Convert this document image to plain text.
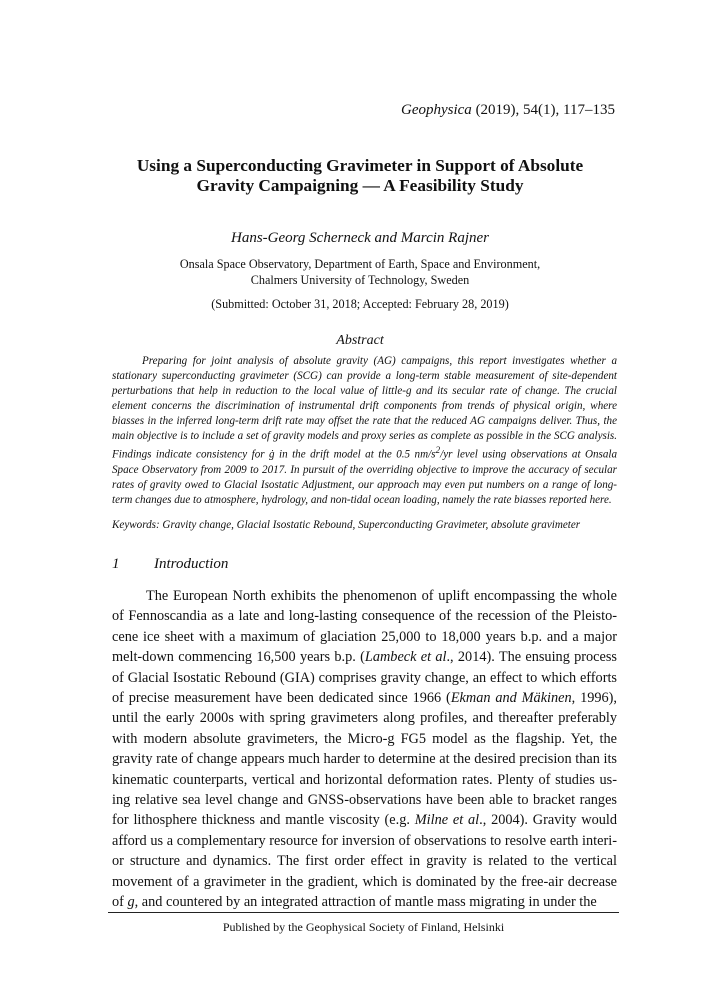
Geophysica (2019), 54(1), 117–135
Using a Superconducting Gravimeter in Support of Absolute
Gravity Campaigning — A Feasibility Study
Hans-Georg Scherneck and Marcin Rajner
Onsala Space Observatory, Department of Earth, Space and Environment,
Chalmers University of Technology, Sweden
(Submitted: October 31, 2018; Accepted: February 28, 2019)
Abstract
Preparing for joint analysis of absolute gravity (AG) campaigns, this report investigates whether a stationary superconducting gravimeter (SCG) can provide a long-term stable measurement of site-dependent perturbations that help in reduction to the local value of little-g and its secular rate of change. The crucial element concerns the discrimination of instrumental drift components from trends of physical origin, where biasses in the inferred long-term drift rate may offset the rate that the reduced AG campaigns deliver. Thus, the main objective is to include a set of gravity models and proxy series as complete as possible in the SCG analysis. Findings indicate consistency for ġ in the drift model at the 0.5 $nm/s^2/yr$ level using observations at Onsala Space Observatory from 2009 to 2017. In pursuit of the overriding objective to improve the accuracy of secular rates of gravity owed to Glacial Isostatic Adjustment, our approach may even put numbers on a range of long-term changes due to atmosphere, hydrology, and non-tidal ocean loading, namely the rate biasses reported here.
Keywords: Gravity change, Glacial Isostatic Rebound, Superconducting Gravimeter, absolute gravimeter
1 Introduction
The European North exhibits the phenomenon of uplift encompassing the whole of Fennoscandia as a late and long-lasting consequence of the recession of the Pleisto-cene ice sheet with a maximum of glaciation 25,000 to 18,000 years b.p. and a major melt-down commencing 16,500 years b.p. (Lambeck et al., 2014). The ensuing process of Glacial Isostatic Rebound (GIA) comprises gravity change, an effect to which efforts of precise measurement have been dedicated since 1966 (Ekman and Mäkinen, 1996), until the early 2000s with spring gravimeters along profiles, and thereafter preferably with modern absolute gravimeters, the Micro-g FG5 model as the flagship. Yet, the gravity rate of change appears much harder to determine at the desired precision than its kinematic counterparts, vertical and horizontal deformation rates. Plenty of studies us-ing relative sea level change and GNSS-observations have been able to bracket ranges for lithosphere thickness and mantle viscosity (e.g. Milne et al., 2004). Gravity would afford us a complementary resource for inversion of observations to resolve earth interi-or structure and dynamics. The first order effect in gravity is related to the vertical movement of a gravimeter in the gradient, which is dominated by the free-air decrease of g, and countered by an integrated attraction of mantle mass migrating in under the
Published by the Geophysical Society of Finland, Helsinki
